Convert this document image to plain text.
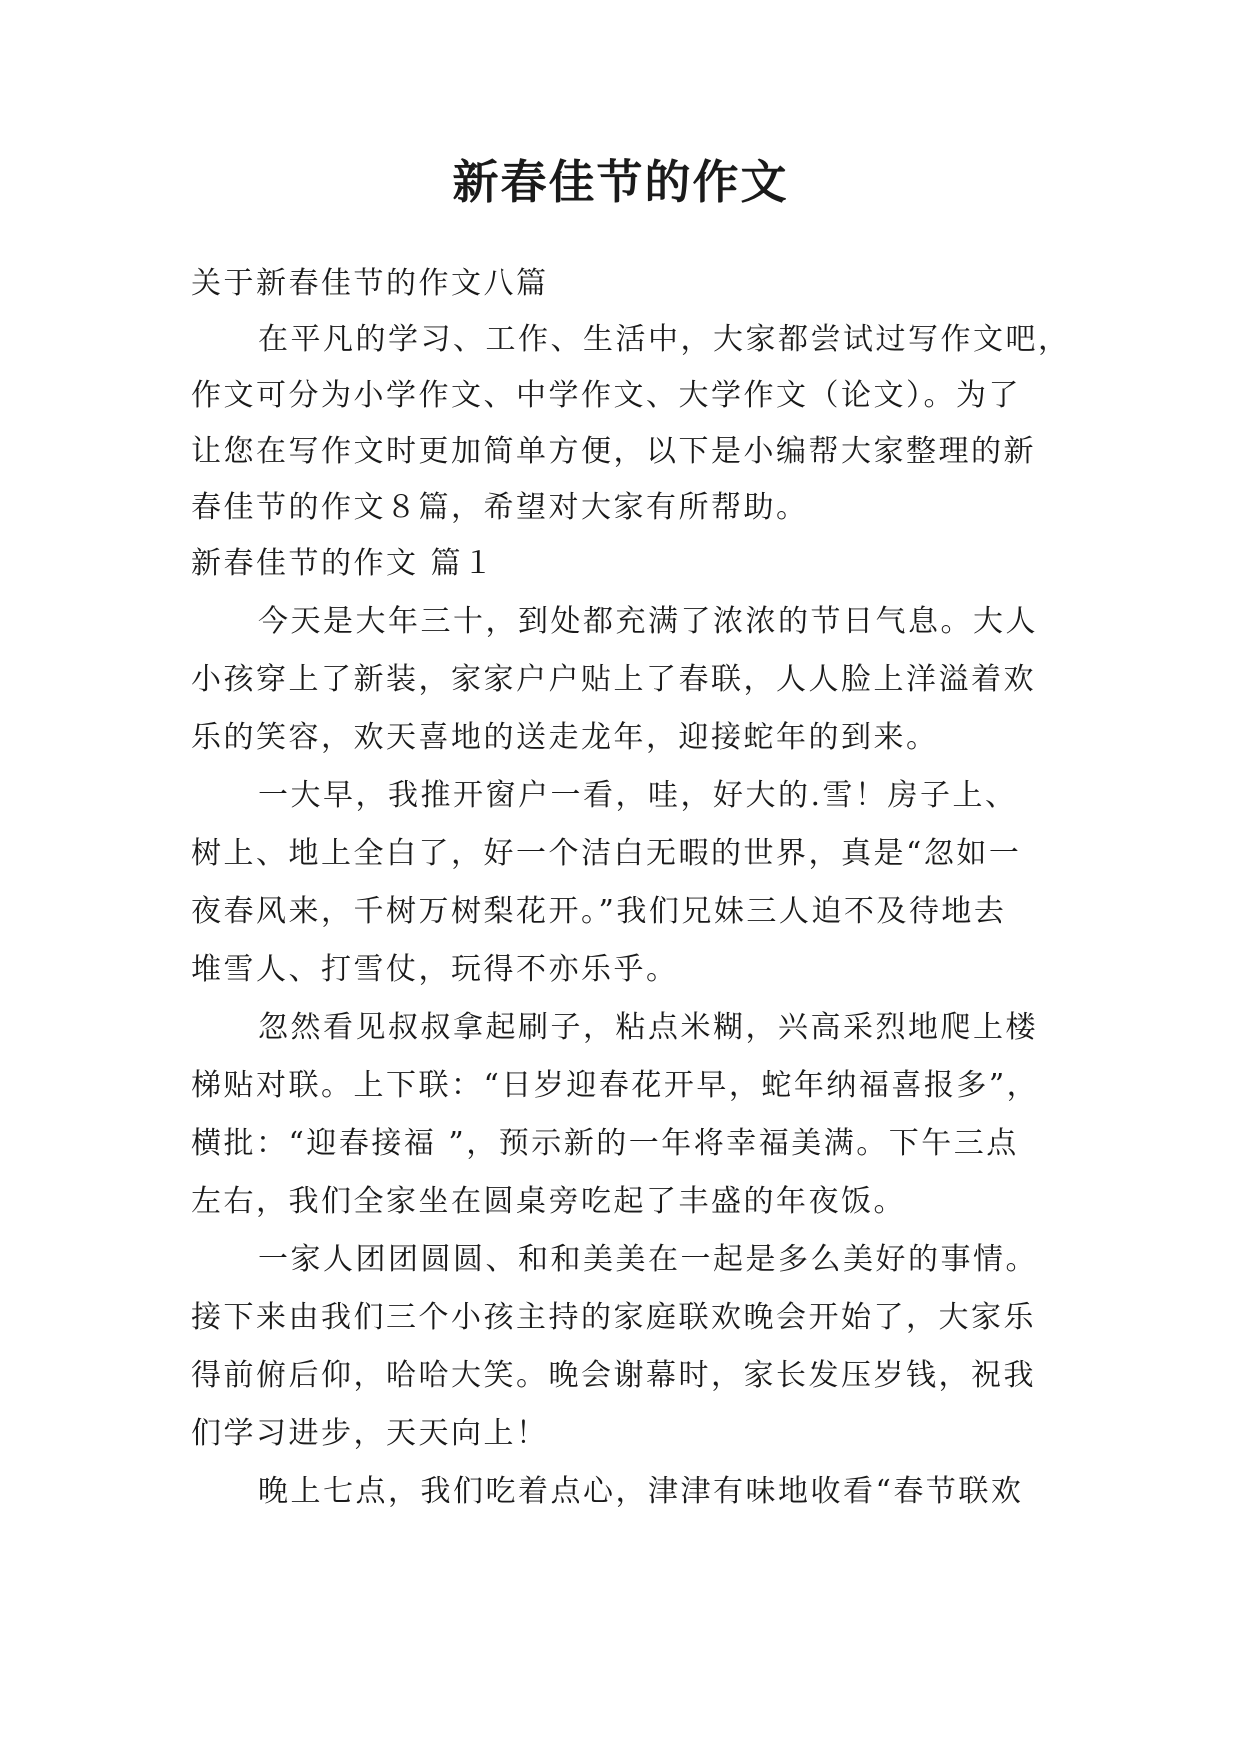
新春佳节的作文
关于新春佳节的作文八篇
在平凡的学习、工作、生活中，大家都尝试过写作文吧，
作文可分为小学作文、中学作文、大学作文（论文）。为了
让您在写作文时更加简单方便，以下是小编帮大家整理的新
春佳节的作文８篇，希望对大家有所帮助。
新春佳节的作文 篇１
今天是大年三十，到处都充满了浓浓的节日气息。大人
小孩穿上了新装，家家户户贴上了春联，人人脸上洋溢着欢
乐的笑容，欢天喜地的送走龙年，迎接蛇年的到来。
一大早，我推开窗户一看，哇，好大的.雪！房子上、
树上、地上全白了，好一个洁白无暇的世界，真是“忽如一
夜春风来，千树万树梨花开。”我们兄妹三人迫不及待地去
堆雪人、打雪仗，玩得不亦乐乎。
忽然看见叔叔拿起刷子，粘点米糊，兴高采烈地爬上楼
梯贴对联。上下联：“日岁迎春花开早，蛇年纳福喜报多”，
横批：“迎春接福 ”，预示新的一年将幸福美满。下午三点
左右，我们全家坐在圆桌旁吃起了丰盛的年夜饭。
一家人团团圆圆、和和美美在一起是多么美好的事情。
接下来由我们三个小孩主持的家庭联欢晚会开始了，大家乐
得前俯后仰，哈哈大笑。晚会谢幕时，家长发压岁钱，祝我
们学习进步，天天向上！
晚上七点，我们吃着点心，津津有味地收看“春节联欢
